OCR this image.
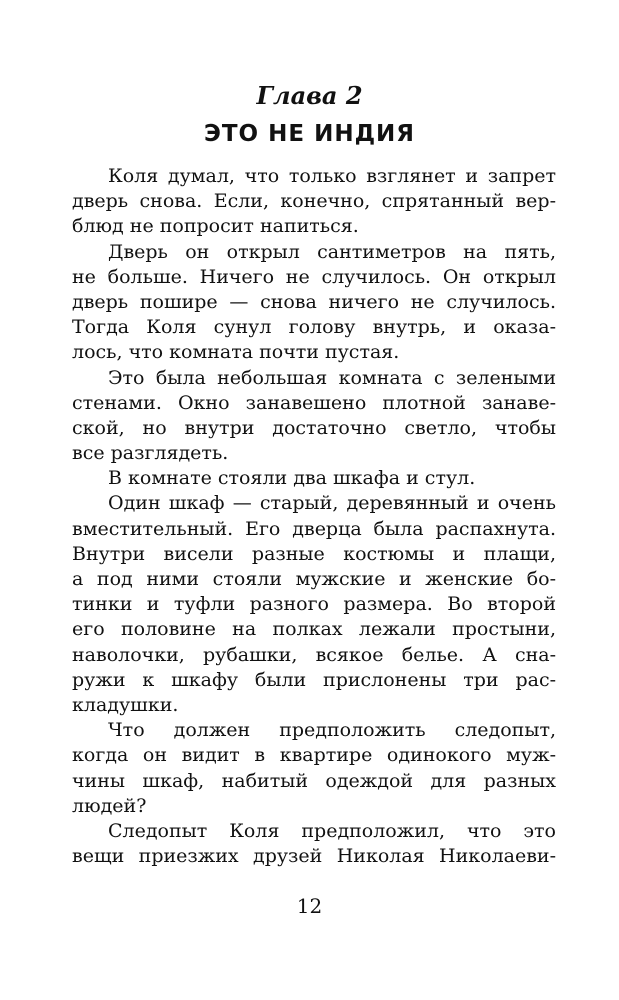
Глава 2
ЭТО НЕ ИНДИЯ
Коля думал, что только взглянет и запрет
дверь снова. Если, конечно, спрятанный вер-
блюд не попросит напиться.
Дверь он открыл сантиметров на пять,
не больше. Ничего не случилось. Он открыл
дверь пошире — снова ничего не случилось.
Тогда Коля сунул голову внутрь, и оказа-
лось, что комната почти пустая.
Это была небольшая комната с зелеными
стенами. Окно занавешено плотной занаве-
ской, но внутри достаточно светло, чтобы
все разглядеть.
В комнате стояли два шкафа и стул.
Один шкаф — старый, деревянный и очень
вместительный. Его дверца была распахнута.
Внутри висели разные костюмы и плащи,
а под ними стояли мужские и женские бо-
тинки и туфли разного размера. Во второй
его половине на полках лежали простыни,
наволочки, рубашки, всякое белье. А сна-
ружи к шкафу были прислонены три рас-
кладушки.
Что должен предположить следопыт,
когда он видит в квартире одинокого муж-
чины шкаф, набитый одеждой для разных
людей?
Следопыт Коля предположил, что это
вещи приезжих друзей Николая Николаеви-
12
